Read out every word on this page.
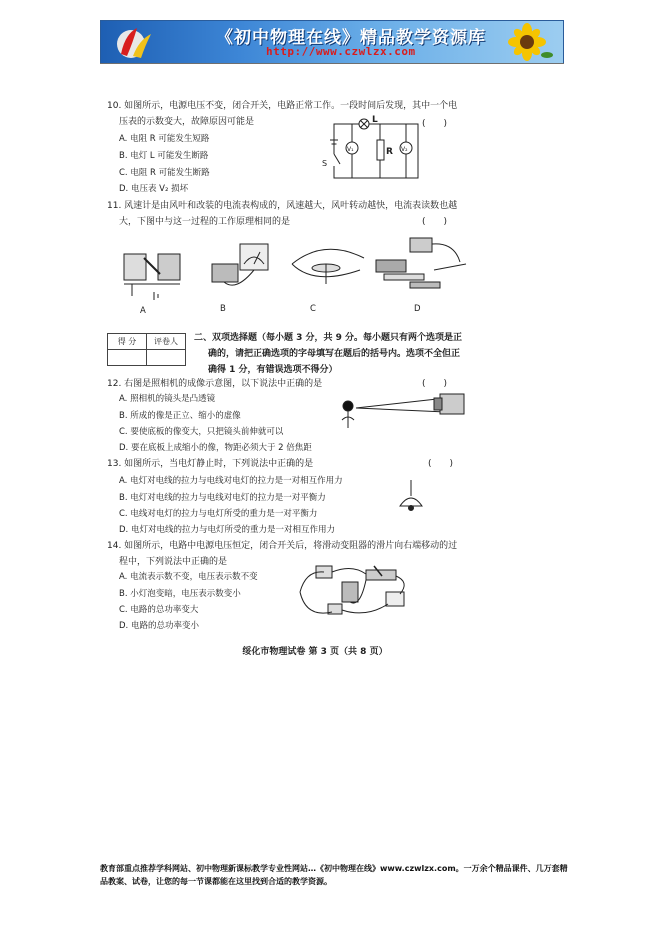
《初中物理在线》精品教学资源库
http://www.czwlzx.com
10. 如图所示，电源电压不变，闭合开关，电路正常工作。一段时间后发现，其中一个电
压表的示数变大，故障原因可能是	(　　)
A. 电阻 R 可能发生短路
B. 电灯 L 可能发生断路
C. 电阻 R 可能发生断路
D. 电压表 V₂ 损坏
L
R
S
V₁	V₂
11. 风速计是由风叶和改装的电流表构成的，风速越大，风叶转动越快，电流表读数也越
大，下图中与这一过程的工作原理相同的是	(　　)
A	B	C	D
得 分	评卷人
	二、双项选择题（每小题 3 分，共 9 分。每小题只有两个选项是正
确的，请把正确选项的字母填写在题后的括号内。选项不全但正
确得 1 分，有错误选项不得分）
12. 右图是照相机的成像示意图，以下说法中正确的是	(　　)
A. 照相机的镜头是凸透镜
B. 所成的像是正立、缩小的虚像
C. 要使底板的像变大，只把镜头前伸就可以
D. 要在底板上成缩小的像，物距必须大于 2 倍焦距
13. 如图所示，当电灯静止时，下列说法中正确的是	(　　)
A. 电灯对电线的拉力与电线对电灯的拉力是一对相互作用力
B. 电灯对电线的拉力与电线对电灯的拉力是一对平衡力
C. 电线对电灯的拉力与电灯所受的重力是一对平衡力
D. 电灯对电线的拉力与电灯所受的重力是一对相互作用力
14. 如图所示，电路中电源电压恒定，闭合开关后，将滑动变阻器的滑片向右端移动的过
程中，下列说法中正确的是
A. 电流表示数不变，电压表示数不变
B. 小灯泡变暗，电压表示数变小
C. 电路的总功率变大
D. 电路的总功率变小
绥化市物理试卷 第 3 页（共 8 页）
教育部重点推荐学科网站、初中物理新课标教学专业性网站…《初中物理在线》www.czwlzx.com。一万余个精品课件、几万套精品教案、试卷，让您的每一节课都能在这里找到合适的教学资源。
